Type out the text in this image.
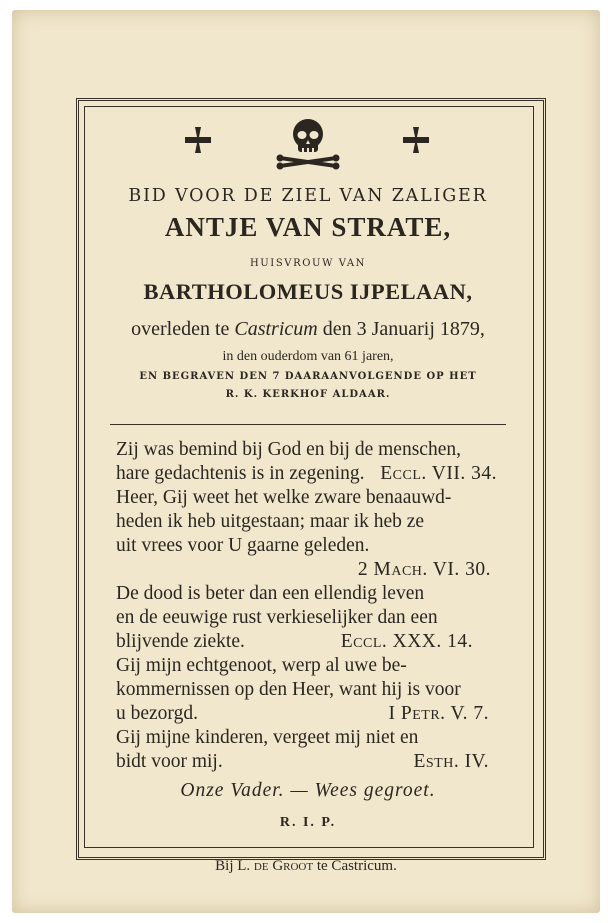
BID VOOR DE ZIEL VAN ZALIGER
ANTJE VAN STRATE,
HUISVROUW VAN
BARTHOLOMEUS IJPELAAN,
overleden te Castricum den 3 Januarij 1879,
in den ouderdom van 61 jaren,
EN BEGRAVEN DEN 7 DAARAANVOLGENDE OP HET
R. K. KERKHOF ALDAAR.
Zij was bemind bij God en bij de menschen,
hare gedachtenis is in zegening. Eccl. VII. 34.
Heer, Gij weet het welke zware benaauwd-
heden ik heb uitgestaan; maar ik heb ze
uit vrees voor U gaarne geleden.
2 Mach. VI. 30.
De dood is beter dan een ellendig leven
en de eeuwige rust verkieselijker dan een
blijvende ziekte.	Eccl. XXX. 14.
Gij mijn echtgenoot, werp al uwe be-
kommernissen op den Heer, want hij is voor
u bezorgd.	I Petr. V. 7.
Gij mijne kinderen, vergeet mij niet en
bidt voor mij.	Esth. IV.
Onze Vader. — Wees gegroet.
R. I. P.
Bij L. de Groot te Castricum.
